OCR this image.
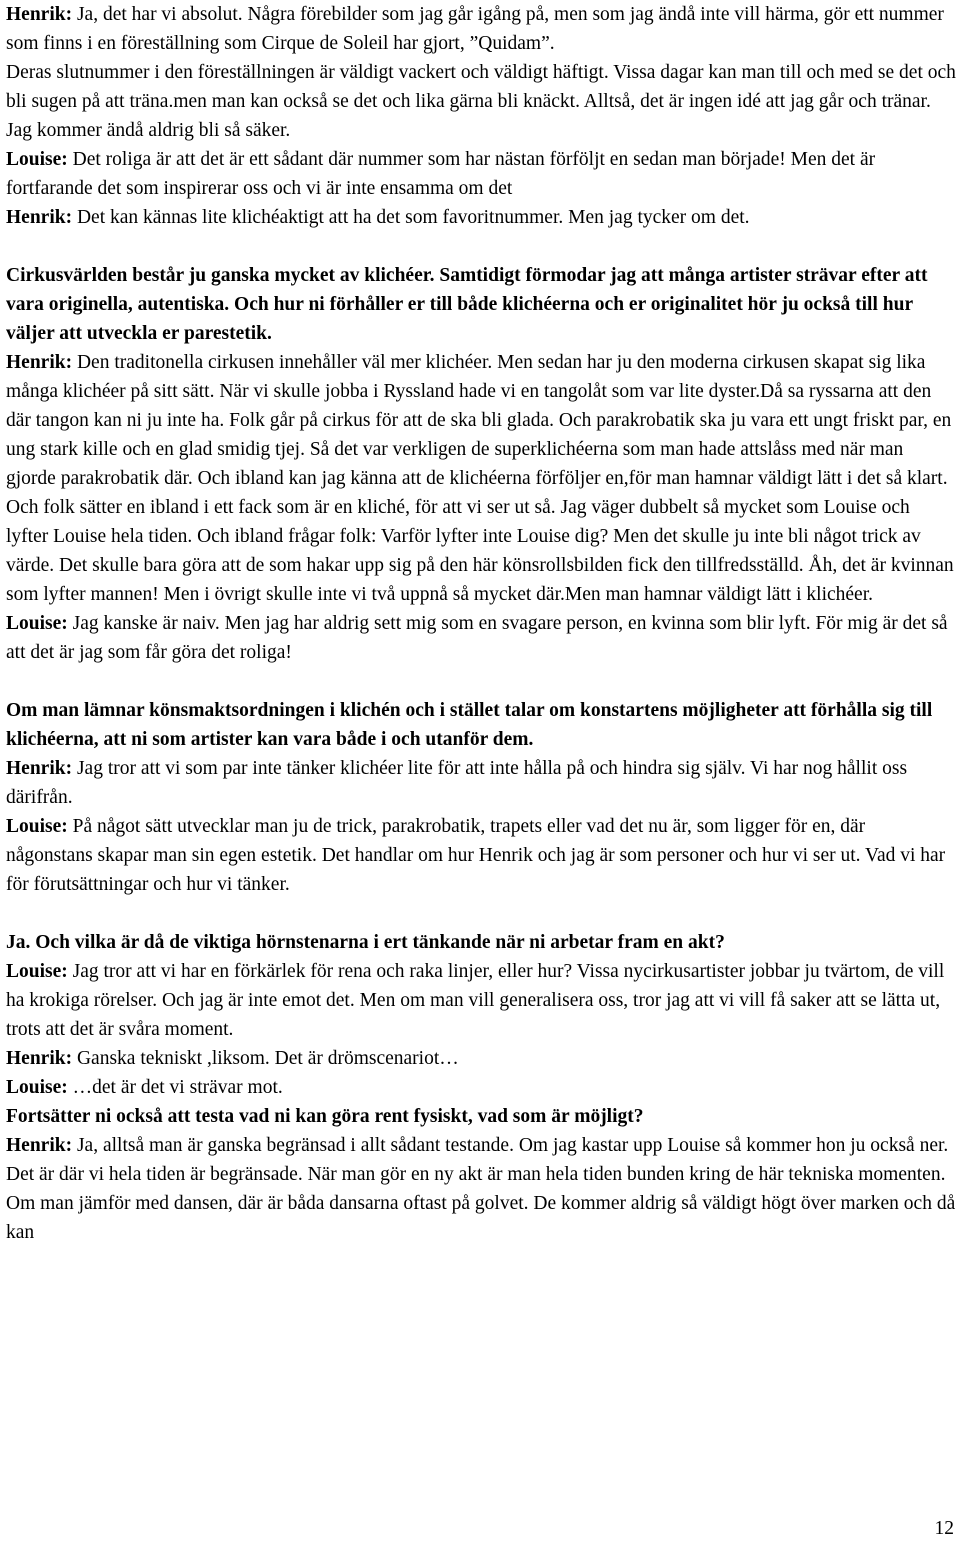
Henrik: Ja, det har vi absolut. Några förebilder som jag går igång på, men som jag ändå inte vill härma, gör ett nummer som finns i en föreställning som Cirque de Soleil har gjort, ”Quidam”.

Deras slutnummer i den föreställningen är väldigt vackert och väldigt häftigt. Vissa dagar kan man till och med se det och bli sugen på att träna.men man kan också se det och lika gärna bli knäckt. Alltså, det är ingen idé att jag går och tränar. Jag kommer ändå aldrig bli så säker.

Louise: Det roliga är att det är ett sådant där nummer som har nästan förföljt en sedan man började! Men det är fortfarande det som inspirerar oss och vi är inte ensamma om det

Henrik: Det kan kännas lite klichéaktigt att ha det som favoritnummer. Men jag tycker om det.

Cirkusvärlden består ju ganska mycket av klichéer. Samtidigt förmodar jag att många artister strävar efter att vara originella, autentiska. Och hur ni förhåller er till både klichéerna och er originalitet hör ju också till hur väljer att utveckla er parestetik.

Henrik: Den traditonella cirkusen innehåller väl mer klichéer. Men sedan har ju den moderna cirkusen skapat sig lika många klichéer på sitt sätt. När vi skulle jobba i Ryssland hade vi en tangolåt som var lite dyster.Då sa ryssarna att den där tangon kan ni ju inte ha. Folk går på cirkus för att de ska bli glada. Och parakrobatik ska ju vara ett ungt friskt par, en ung stark kille och en glad smidig tjej. Så det var verkligen de superklichéerna som man hade attslåss med när man gjorde parakrobatik där. Och ibland kan jag känna att de klichéerna förföljer en,för man hamnar väldigt lätt i det så klart. Och folk sätter en ibland i ett fack som är en kliché, för att vi ser ut så. Jag väger dubbelt så mycket som Louise och lyfter Louise hela tiden. Och ibland frågar folk: Varför lyfter inte Louise dig? Men det skulle ju inte bli något trick av värde. Det skulle bara göra att de som hakar upp sig på den här könsrollsbilden fick den tillfredsställd. Åh, det är kvinnan som lyfter mannen! Men i övrigt skulle inte vi två uppnå så mycket där.Men man hamnar väldigt lätt i klichéer.

Louise: Jag kanske är naiv. Men jag har aldrig sett mig som en svagare person, en kvinna som blir lyft. För mig är det så att det är jag som får göra det roliga!

Om man lämnar könsmaktsordningen i klichén och i stället talar om konstartens möjligheter att förhålla sig till klichéerna, att ni som artister kan vara både i och utanför dem.

Henrik: Jag tror att vi som par inte tänker klichéer lite för att inte hålla på och hindra sig själv. Vi har nog hållit oss därifrån.

Louise: På något sätt utvecklar man ju de trick, parakrobatik, trapets eller vad det nu är, som ligger för en, där någonstans skapar man sin egen estetik. Det handlar om hur Henrik och jag är som personer och hur vi ser ut. Vad vi har för förutsättningar och hur vi tänker.

Ja. Och vilka är då de viktiga hörnstenarna i ert tänkande när ni arbetar fram en akt?

Louise: Jag tror att vi har en förkärlek för rena och raka linjer, eller hur? Vissa nycirkusartister jobbar ju tvärtom, de vill ha krokiga rörelser. Och jag är inte emot det. Men om man vill generalisera oss, tror jag att vi vill få saker att se lätta ut, trots att det är svåra moment.

Henrik: Ganska tekniskt ,liksom. Det är drömscenariot…

Louise: …det är det vi strävar mot.

Fortsätter ni också att testa vad ni kan göra rent fysiskt, vad som är möjligt?

Henrik: Ja, alltså man är ganska begränsad i allt sådant testande. Om jag kastar upp Louise så kommer hon ju också ner. Det är där vi hela tiden är begränsade. När man gör en ny akt är man hela tiden bunden kring de här tekniska momenten. Om man jämför med dansen, där är båda dansarna oftast på golvet. De kommer aldrig så väldigt högt över marken och då kan

12
